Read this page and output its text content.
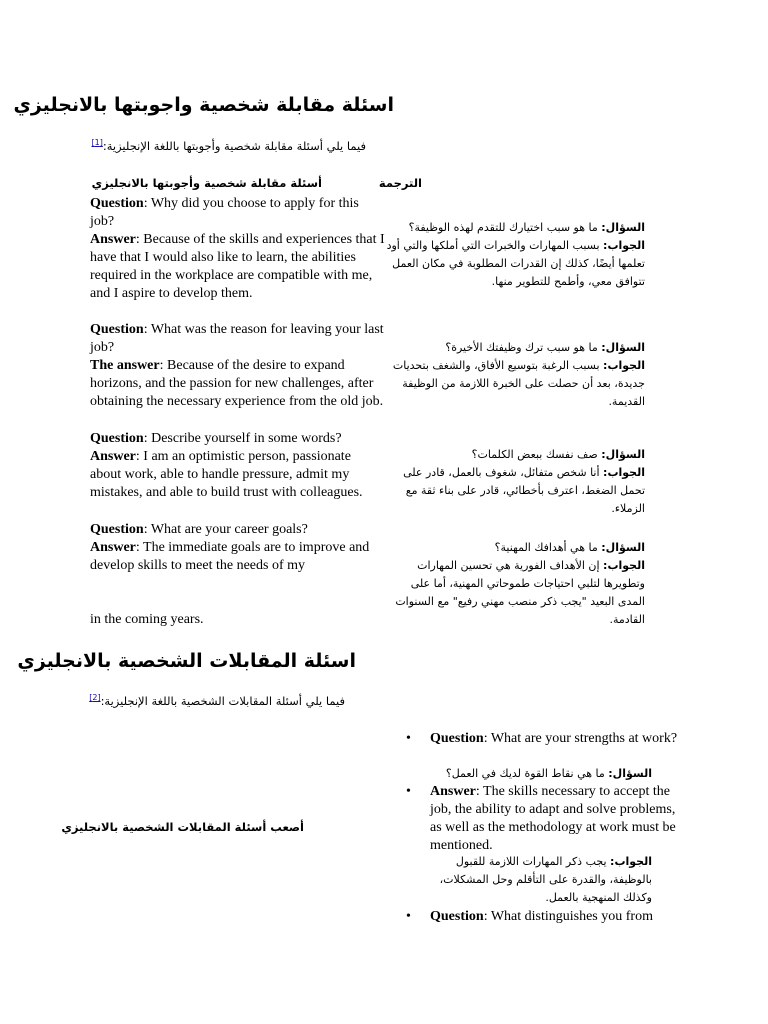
اسئلة مقابلة شخصية واجوبتها بالانجليزي
فيما يلي أسئلة مقابلة شخصية وأجوبتها باللغة الإنجليزية:[1]
أسئلة مقابلة شخصية وأجوبتها بالانجليزي	الترجمة
Question: Why did you choose to apply for this job?
Answer: Because of the skills and experiences that I have that I would also like to learn, the abilities required in the workplace are compatible with me, and I aspire to develop them.
السؤال: ما هو سبب اختيارك للتقدم لهذه الوظيفة؟
الجواب: بسبب المهارات والخبرات التي أملكها والتي أود تعلمها أيضًا، كذلك إن القدرات المطلوبة في مكان العمل تتوافق معي، وأطمح للتطوير منها.
Question: What was the reason for leaving your last job?
The answer: Because of the desire to expand horizons, and the passion for new challenges, after obtaining the necessary experience from the old job.
السؤال: ما هو سبب ترك وظيفتك الأخيرة؟
الجواب: بسبب الرغبة بتوسيع الأفاق، والشغف بتحديات جديدة، بعد أن حصلت على الخبرة اللازمة من الوظيفة القديمة.
Question: Describe yourself in some words?
Answer: I am an optimistic person, passionate about work, able to handle pressure, admit my mistakes, and able to build trust with colleagues.
السؤال: صف نفسك ببعض الكلمات؟
الجواب: أنا شخص متفائل، شغوف بالعمل، قادر على تحمل الضغط، اعترف بأخطائي، قادر على بناء ثقة مع الزملاء.
Question: What are your career goals?
Answer: The immediate goals are to improve and develop skills to meet the needs of my
السؤال: ما هي أهدافك المهنية؟
الجواب: إن الأهداف الفورية هي تحسين المهارات وتطويرها لتلبي احتياجات طموحاتي المهنية، أما على المدى البعيد "يجب ذكر منصب مهني رفيع" مع السنوات القادمة.
in the coming years.
اسئلة المقابلات الشخصية بالانجليزي
فيما يلي أسئلة المقابلات الشخصية باللغة الإنجليزية:[2]
أصعب أسئلة المقابلات الشخصية بالانجليزي
• Question: What are your strengths at work?
السؤال: ما هي نقاط القوة لديك في العمل؟
• Answer: The skills necessary to accept the job, the ability to adapt and solve problems, as well as the methodology at work must be mentioned.
الجواب: يجب ذكر المهارات اللازمة للقبول بالوظيفة، والقدرة على التأقلم وحل المشكلات، وكذلك المنهجية بالعمل.
• Question: What distinguishes you from
